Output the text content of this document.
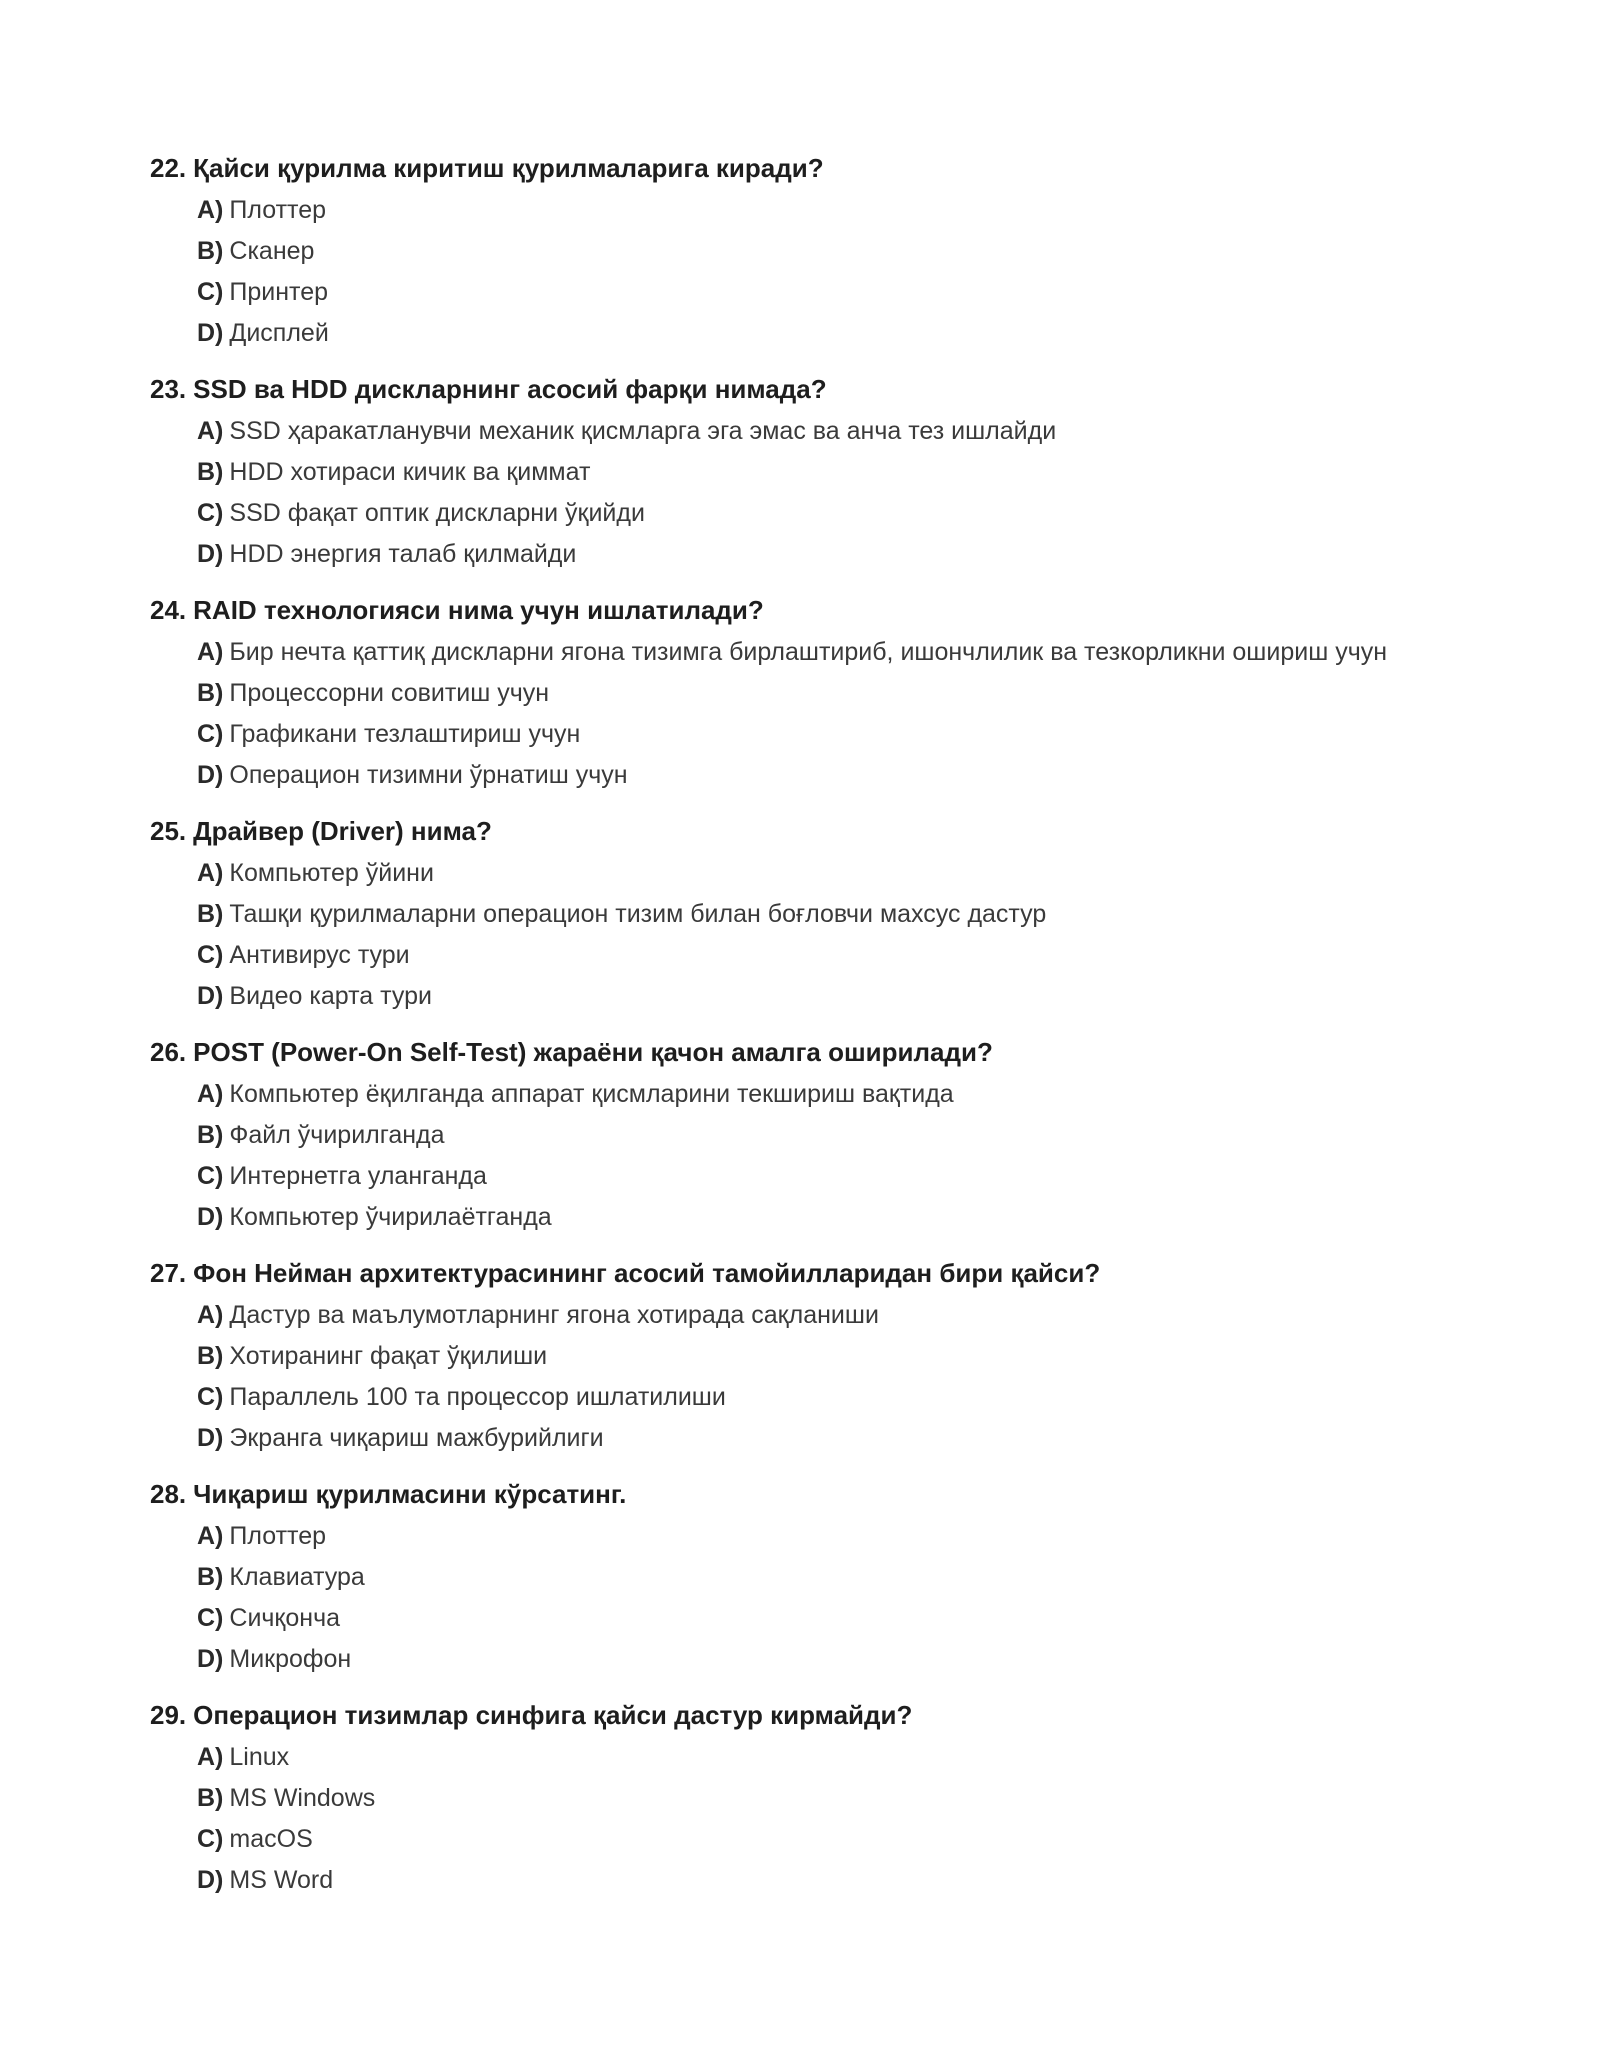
22. Қайси қурилма киритиш қурилмаларига киради?
A) Плоттер
B) Сканер
C) Принтер
D) Дисплей
23. SSD ва HDD дискларнинг асосий фарқи нимада?
A) SSD ҳаракатланувчи механик қисмларга эга эмас ва анча тез ишлайди
B) HDD хотираси кичик ва қиммат
C) SSD фақат оптик дискларни ўқийди
D) HDD энергия талаб қилмайди
24. RAID технологияси нима учун ишлатилади?
A) Бир нечта қаттиқ дискларни ягона тизимга бирлаштириб, ишончлилик ва тезкорликни ошириш учун
B) Процессорни совитиш учун
C) Графикани тезлаштириш учун
D) Операцион тизимни ўрнатиш учун
25. Драйвер (Driver) нима?
A) Компьютер ўйини
B) Ташқи қурилмаларни операцион тизим билан боғловчи махсус дастур
C) Антивирус тури
D) Видео карта тури
26. POST (Power-On Self-Test) жараёни қачон амалга оширилади?
A) Компьютер ёқилганда аппарат қисмларини текшириш вақтида
B) Файл ўчирилганда
C) Интернетга уланганда
D) Компьютер ўчирилаётганда
27. Фон Нейман архитектурасининг асосий тамойилларидан бири қайси?
A) Дастур ва маълумотларнинг ягона хотирада сақланиши
B) Хотиранинг фақат ўқилиши
C) Параллель 100 та процессор ишлатилиши
D) Экранга чиқариш мажбурийлиги
28. Чиқариш қурилмасини кўрсатинг.
A) Плоттер
B) Клавиатура
C) Сичқонча
D) Микрофон
29. Операцион тизимлар синфига қайси дастур кирмайди?
A) Linux
B) MS Windows
C) macOS
D) MS Word
